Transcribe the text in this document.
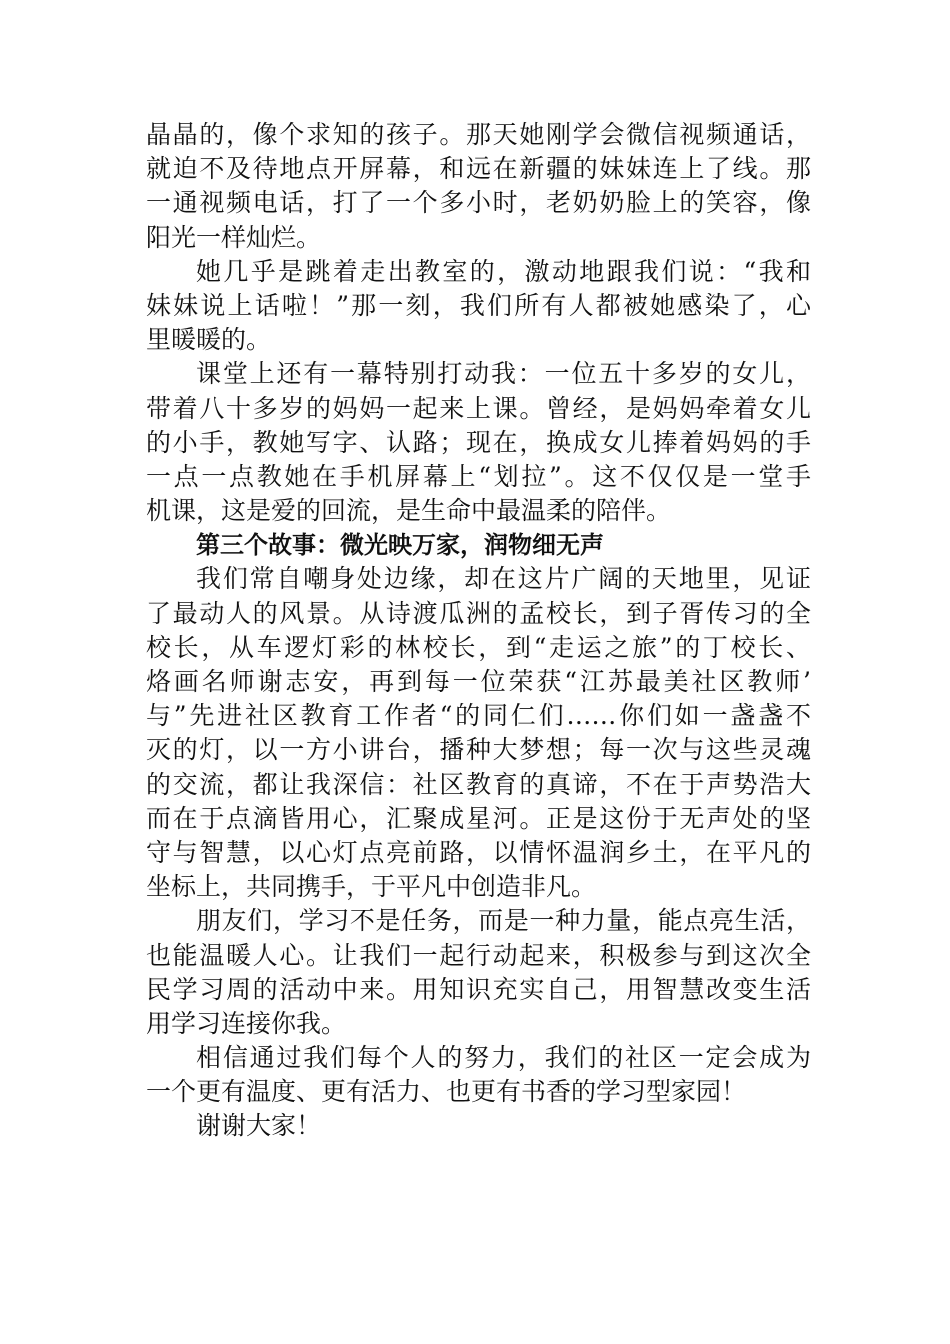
晶晶的，像个求知的孩子。那天她刚学会微信视频通话，
就迫不及待地点开屏幕，和远在新疆的妹妹连上了线。那
一通视频电话，打了一个多小时，老奶奶脸上的笑容，像
阳光一样灿烂。
她几乎是跳着走出教室的，激动地跟我们说：“我和
妹妹说上话啦！”那一刻，我们所有人都被她感染了，心
里暖暖的。
课堂上还有一幕特别打动我：一位五十多岁的女儿，
带着八十多岁的妈妈一起来上课。曾经，是妈妈牵着女儿
的小手，教她写字、认路；现在，换成女儿捧着妈妈的手
一点一点教她在手机屏幕上“划拉”。这不仅仅是一堂手
机课，这是爱的回流，是生命中最温柔的陪伴。
第三个故事：微光映万家，润物细无声
我们常自嘲身处边缘，却在这片广阔的天地里，见证
了最动人的风景。从诗渡瓜洲的孟校长，到子胥传习的全
校长，从车逻灯彩的林校长，到“走运之旅”的丁校长、
烙画名师谢志安，再到每一位荣获“江苏最美社区教师’
与”先进社区教育工作者“的同仁们……你们如一盏盏不
灭的灯，以一方小讲台，播种大梦想；每一次与这些灵魂
的交流，都让我深信：社区教育的真谛，不在于声势浩大
而在于点滴皆用心，汇聚成星河。正是这份于无声处的坚
守与智慧，以心灯点亮前路，以情怀温润乡土，在平凡的
坐标上，共同携手，于平凡中创造非凡。
朋友们，学习不是任务，而是一种力量，能点亮生活，
也能温暖人心。让我们一起行动起来，积极参与到这次全
民学习周的活动中来。用知识充实自己，用智慧改变生活
用学习连接你我。
相信通过我们每个人的努力，我们的社区一定会成为
一个更有温度、更有活力、也更有书香的学习型家园！
谢谢大家！
